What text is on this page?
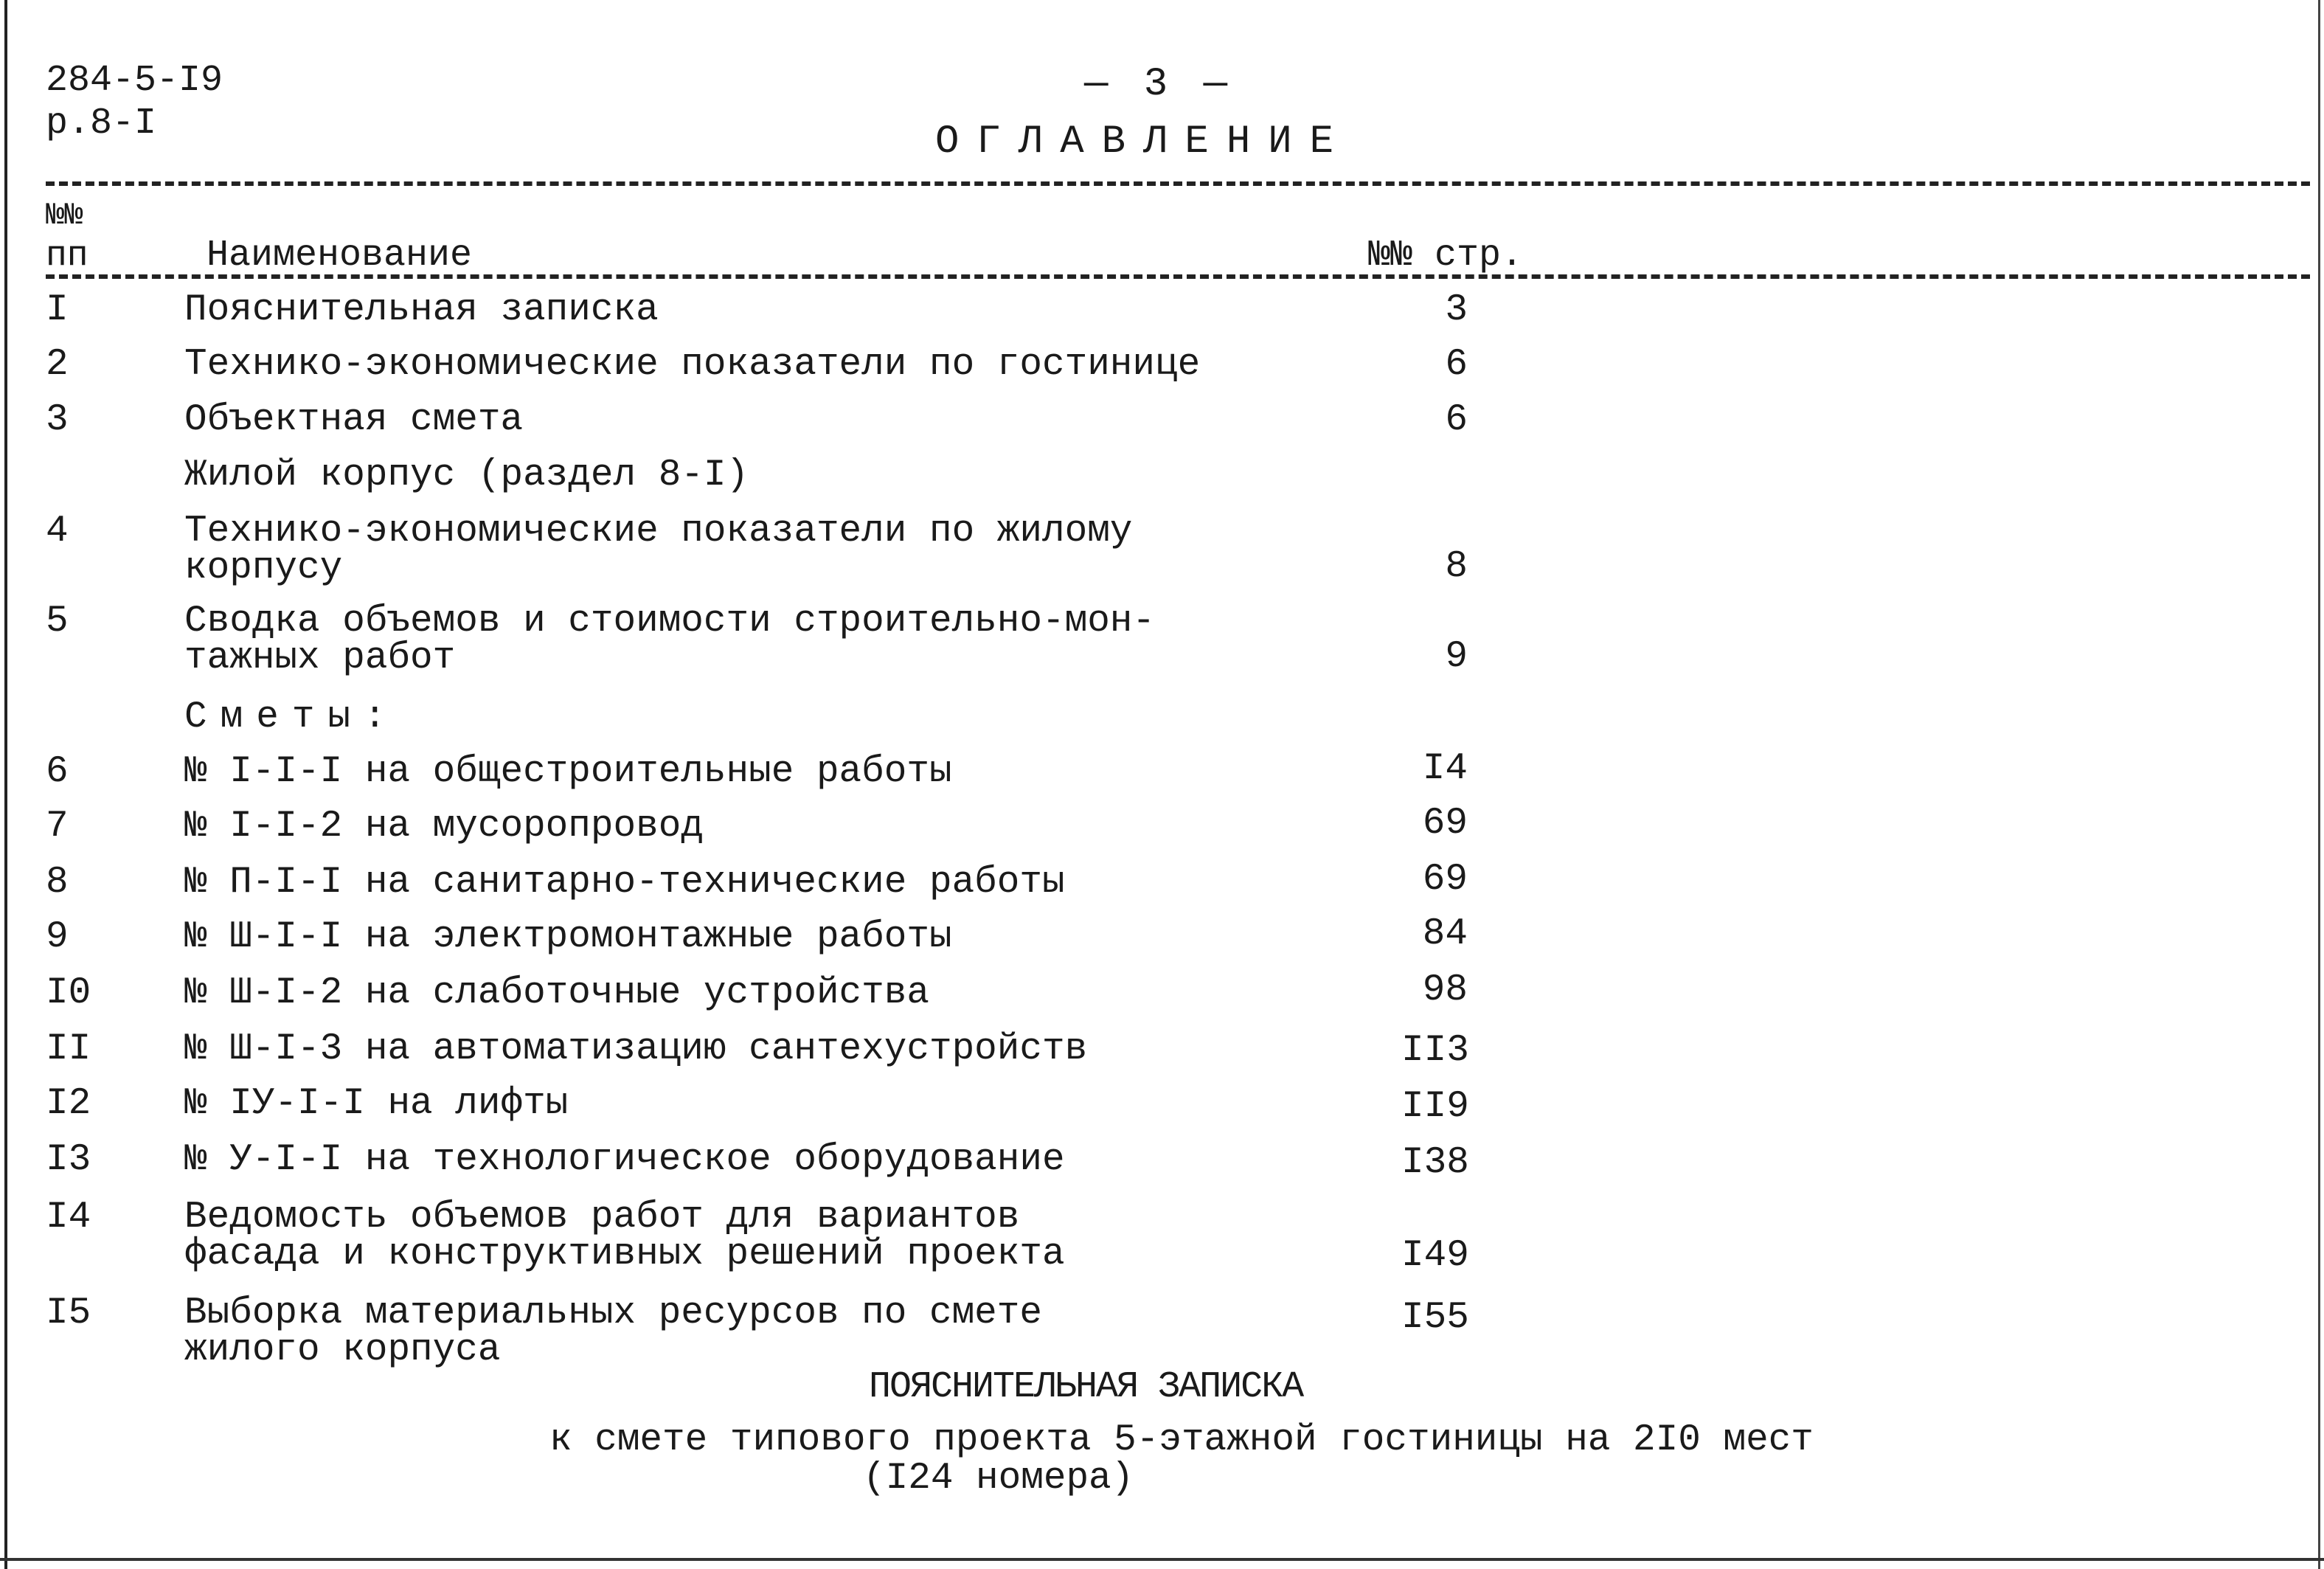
284-5-I9
р.8-I
— 3 —
ОГЛАВЛЕНИЕ
№№
пп	Наименование	№№ стр.
I	Пояснительная записка	3
2	Технико-экономические показатели по гостинице	6
3	Объектная смета	6
Жилой корпус (раздел 8-I)
4	Технико-экономические показатели по жилому
корпусу	8
5	Сводка объемов и стоимости строительно-мон-
тажных работ	9
Сметы:
6	№ I-I-I на общестроительные работы	I4
7	№ I-I-2 на мусоропровод	69
8	№ П-I-I на санитарно-технические работы	69
9	№ Ш-I-I на электромонтажные работы	84
I0 № Ш-I-2 на слаботочные устройства	98
II № Ш-I-3 на автоматизацию сантехустройств	II3
I2 № IУ-I-I на лифты	II9
I3 № У-I-I на технологическое оборудование	I38
I4 Ведомость объемов работ для вариантов
фасада и конструктивных решений проекта	I49
I5 Выборка материальных ресурсов по смете
жилого корпуса
I55
ПОЯСНИТЕЛЬНАЯ ЗАПИСКА
к смете типового проекта 5-этажной гостиницы на 2I0 мест
(I24 номера)
